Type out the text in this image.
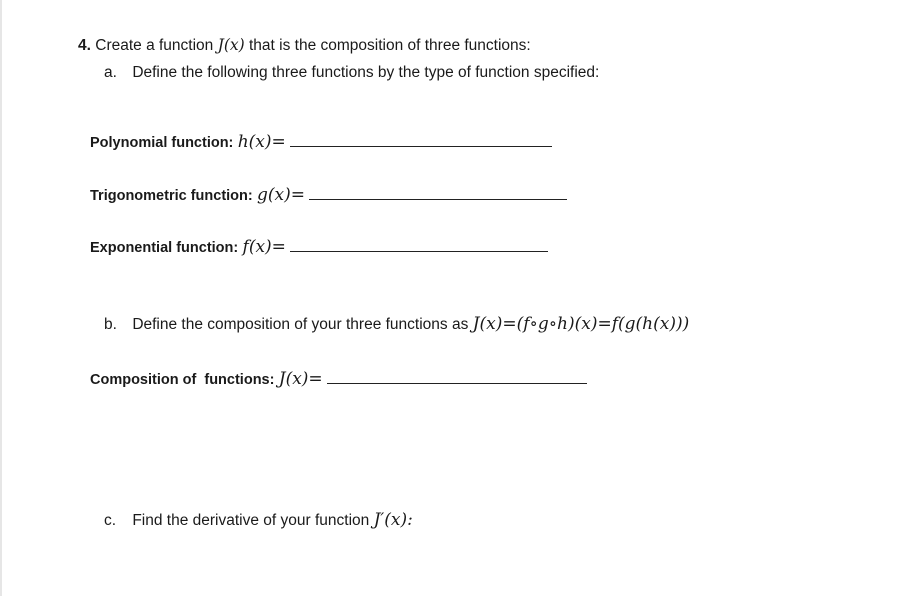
4. Create a function J(x) that is the composition of three functions:
a. Define the following three functions by the type of function specified:
Polynomial function: h(x)=
Trigonometric function: g(x)=
Exponential function: f(x)=
b. Define the composition of your three functions as J(x)=(f∘g∘h)(x)=f(g(h(x)))
Composition of  functions: J(x)=
c. Find the derivative of your function J′(x):
